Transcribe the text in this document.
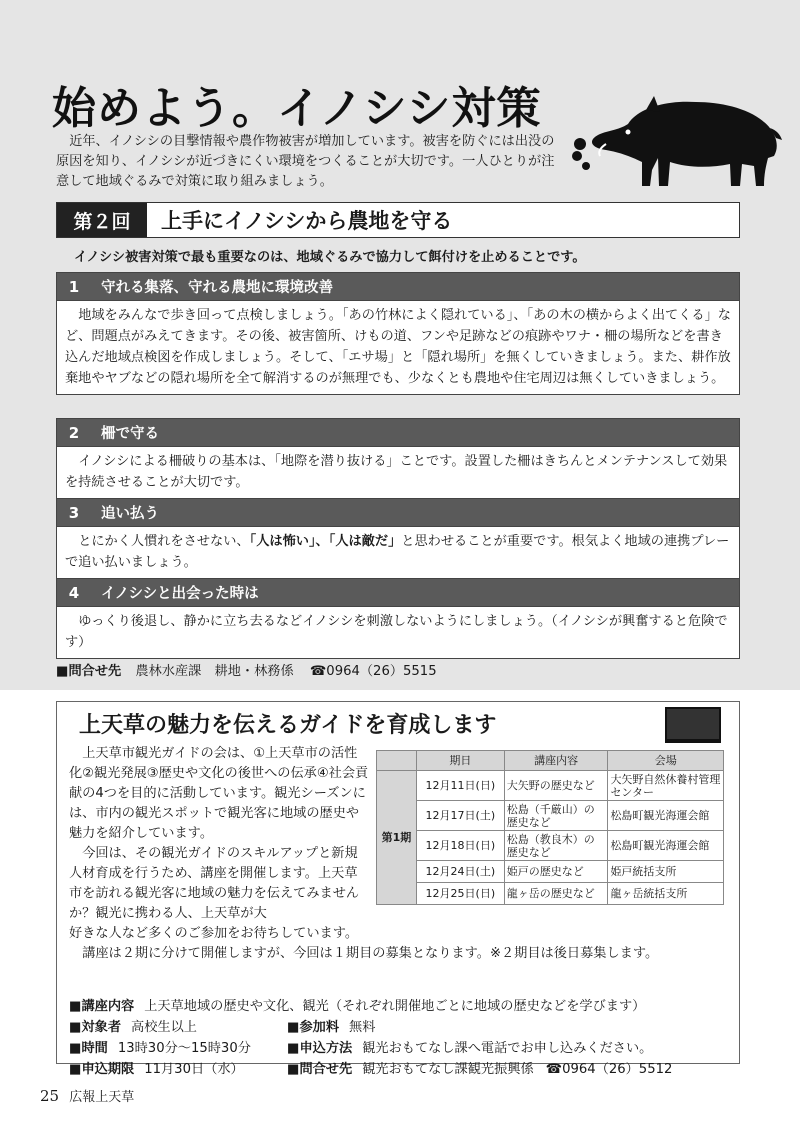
始めよう。イノシシ対策

近年、イノシシの目撃情報や農作物被害が増加しています。被害を防ぐには出没の原因を知り、イノシシが近づきにくい環境をつくることが大切です。一人ひとりが注意して地域ぐるみで対策に取り組みましょう。

第２回	上手にイノシシから農地を守る
イノシシ被害対策で最も重要なのは、地域ぐるみで協力して餌付けを止めることです。
1	守れる集落、守れる農地に環境改善
地域をみんなで歩き回って点検しましょう。「あの竹林によく隠れている」、「あの木の横からよく出てくる」など、問題点がみえてきます。その後、被害箇所、けもの道、フンや足跡などの痕跡やワナ・柵の場所などを書き込んだ地域点検図を作成しましょう。そして、「エサ場」と「隠れ場所」を無くしていきましょう。また、耕作放棄地やヤブなどの隠れ場所を全て解消するのが無理でも、少なくとも農地や住宅周辺は無くしていきましょう。
2	柵で守る
イノシシによる柵破りの基本は、「地際を潜り抜ける」ことです。設置した柵はきちんとメンテナンスして効果を持続させることが大切です。
3	追い払う
とにかく人慣れをさせない、「人は怖い」、「人は敵だ」と思わせることが重要です。根気よく地域の連携プレーで追い払いましょう。
4	イノシシと出会った時は
ゆっくり後退し、静かに立ち去るなどイノシシを刺激しないようにしましょう。（イノシシが興奮すると危険です）
■問合せ先 農林水産課　耕地・林務係 ☎0964（26）5515
上天草の魅力を伝えるガイドを育成します

上天草市観光ガイドの会は、①上天草市の活性化②観光発展③歴史や文化の後世への伝承④社会貢献の4つを目的に活動しています。観光シーズンには、市内の観光スポットで観光客に地域の歴史や魅力を紹介しています。

今回は、その観光ガイドのスキルアップと新規人材育成を行うため、講座を開催します。上天草市を訪れる観光客に地域の魅力を伝えてみませんか？観光に携わる人、上天草が大

	期日	講座内容	会場
第1期	12月11日(日)	大矢野の歴史など	大矢野自然休養村管理センター
	12月17日(土)	松島（千厳山）の歴史など	松島町観光海運会館
	12月18日(日)	松島（教良木）の歴史など	松島町観光海運会館
	12月24日(土)	姫戸の歴史など	姫戸統括支所
	12月25日(日)	龍ヶ岳の歴史など	龍ヶ岳統括支所
好きな人など多くのご参加をお待ちしています。
講座は２期に分けて開催しますが、今回は１期目の募集となります。※２期目は後日募集します。
■講座内容 上天草地域の歴史や文化、観光（それぞれ開催地ごとに地域の歴史などを学びます）
■対象者 高校生以上	■参加料 無料
■時間 13時30分～15時30分	■申込方法 観光おもてなし課へ電話でお申し込みください。
■申込期限 11月30日（水）	■問合せ先 観光おもてなし課観光振興係 ☎0964（26）5512
25 広報上天草
